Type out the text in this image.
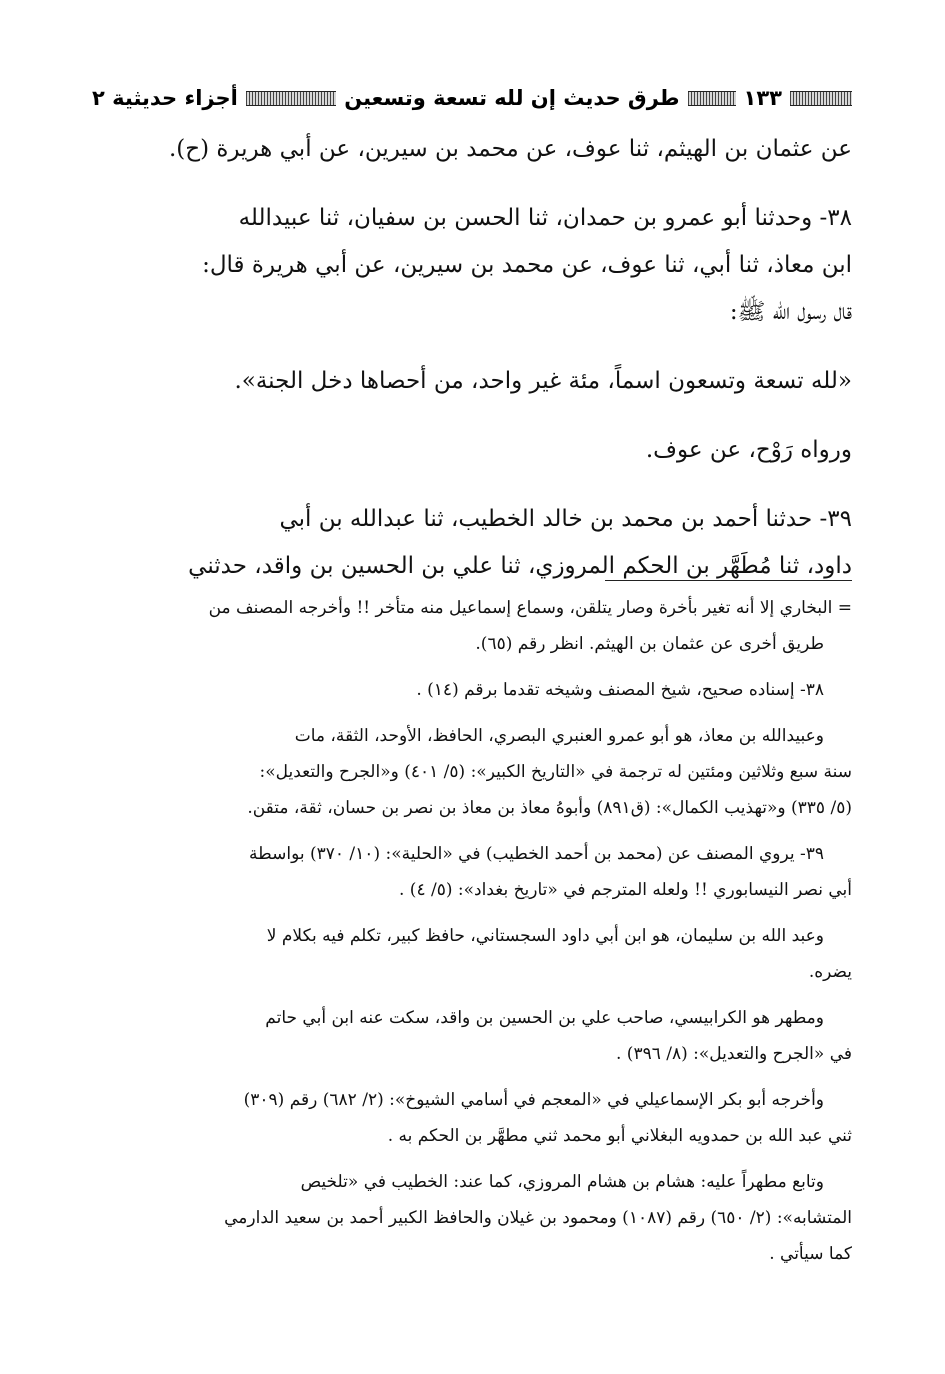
أجزاء حديثية ٢	طرق حديث إن لله تسعة وتسعين	١٣٣

عن عثمان بن الهيثم، ثنا عوف، عن محمد بن سيرين، عن أبي هريرة (ح).

٣٨- وحدثنا أبو عمرو بن حمدان، ثنا الحسن بن سفيان، ثنا عبيدالله

ابن معاذ، ثنا أبي، ثنا عوف، عن محمد بن سيرين، عن أبي هريرة قال:

قال رسول الله ﷺ:

«لله تسعة وتسعون اسماً، مئة غير واحد، من أحصاها دخل الجنة».

ورواه رَوْح، عن عوف.

٣٩- حدثنا أحمد بن محمد بن خالد الخطيب، ثنا عبدالله بن أبي

داود، ثنا مُطَهَّر بن الحكم المروزي، ثنا علي بن الحسين بن واقد، حدثني

= البخاري إلا أنه تغير بأخرة وصار يتلقن، وسماع إسماعيل منه متأخر !! وأخرجه المصنف من

طريق أخرى عن عثمان بن الهيثم. انظر رقم (٦٥).

٣٨- إسناده صحيح، شيخ المصنف وشيخه تقدما برقم (١٤) .

وعبيدالله بن معاذ، هو أبو عمرو العنبري البصري، الحافظ، الأوحد، الثقة، مات

سنة سبع وثلاثين ومئتين له ترجمة في «التاريخ الكبير»: (٥/ ٤٠١) و«الجرح والتعديل»:

(٥/ ٣٣٥) و«تهذيب الكمال»: (ق٨٩١) وأبوهُ معاذ بن معاذ بن نصر بن حسان، ثقة، متقن.

٣٩- يروي المصنف عن (محمد بن أحمد الخطيب) في «الحلية»: (١٠/ ٣٧٠) بواسطة

أبي نصر النيسابوري !! ولعله المترجم في «تاريخ بغداد»: (٥/ ٤) .

وعبد الله بن سليمان، هو ابن أبي داود السجستاني، حافظ كبير، تكلم فيه بكلام لا

يضره.

ومطهر هو الكرابيسي، صاحب علي بن الحسين بن واقد، سكت عنه ابن أبي حاتم

في «الجرح والتعديل»: (٨/ ٣٩٦) .

وأخرجه أبو بكر الإسماعيلي في «المعجم في أسامي الشيوخ»: (٢/ ٦٨٢) رقم (٣٠٩)

ثني عبد الله بن حمدويه البغلاني أبو محمد ثني مطهَّر بن الحكم به .

وتابع مطهراً عليه: هشام بن هشام المروزي، كما عند: الخطيب في «تلخيص

المتشابه»: (٢/ ٦٥٠) رقم (١٠٨٧) ومحمود بن غيلان والحافظ الكبير أحمد بن سعيد الدارمي

كما سيأتي .
